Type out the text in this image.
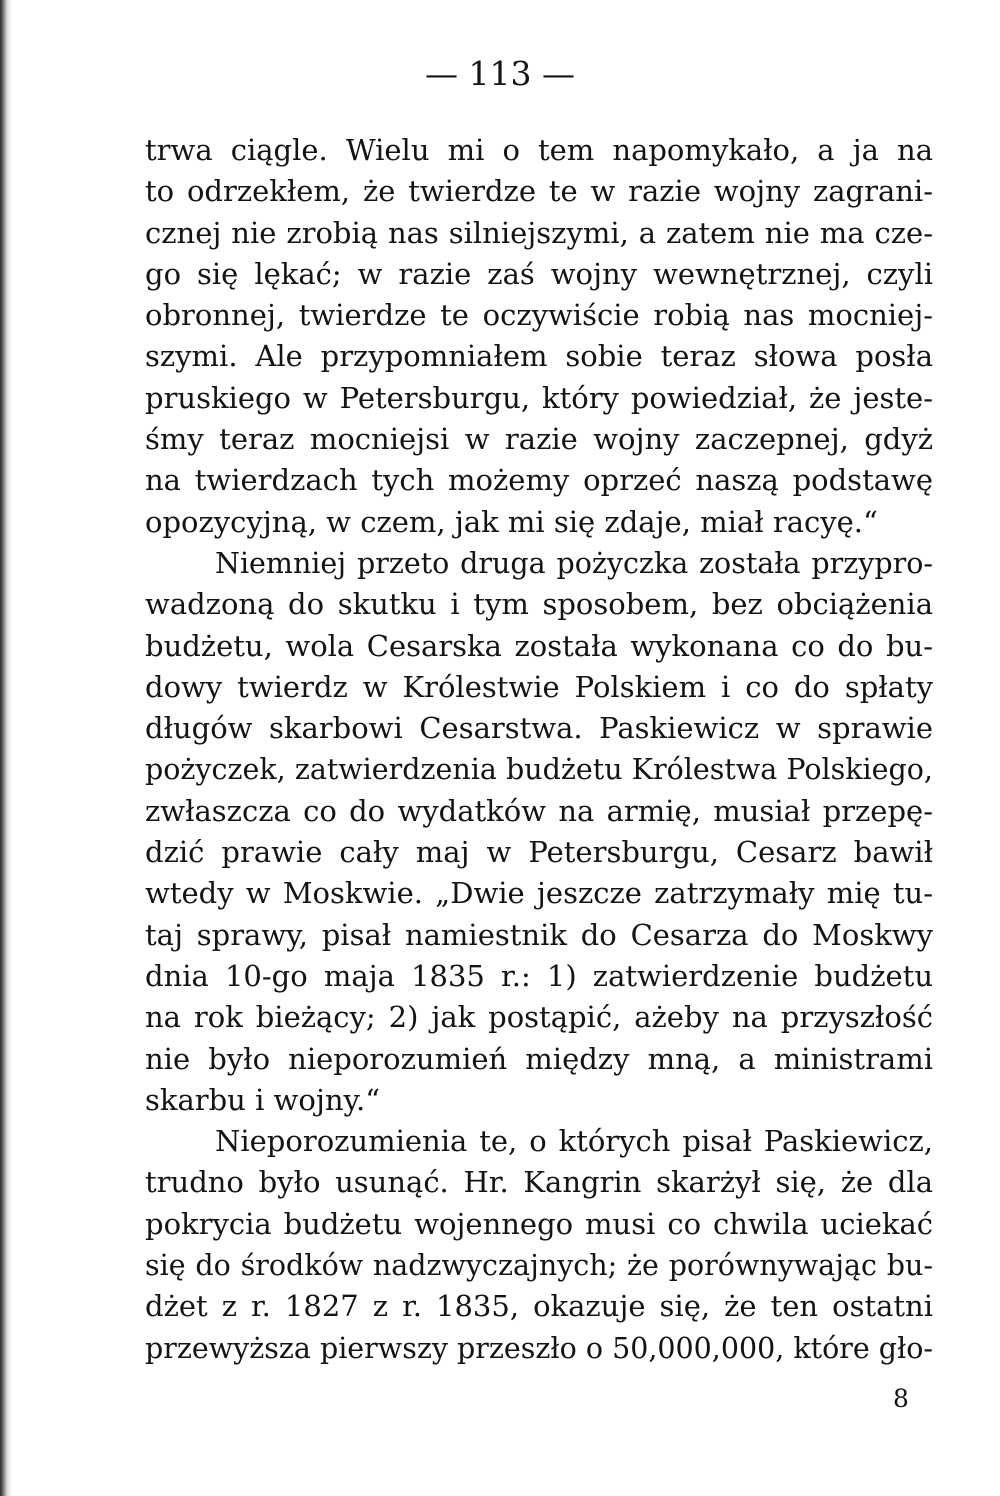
— 113 —
trwa ciągle. Wielu mi o tem napomykało, a ja na
to odrzekłem, że twierdze te w razie wojny zagrani-
cznej nie zrobią nas silniejszymi, a zatem nie ma cze-
go się lękać; w razie zaś wojny wewnętrznej, czyli
obronnej, twierdze te oczywiście robią nas mocniej-
szymi. Ale przypomniałem sobie teraz słowa posła
pruskiego w Petersburgu, który powiedział, że jeste-
śmy teraz mocniejsi w razie wojny zaczepnej, gdyż
na twierdzach tych możemy oprzeć naszą podstawę
opozycyjną, w czem, jak mi się zdaje, miał racyę.“
Niemniej przeto druga pożyczka została przypro-
wadzoną do skutku i tym sposobem, bez obciążenia
budżetu, wola Cesarska została wykonana co do bu-
dowy twierdz w Królestwie Polskiem i co do spłaty
długów skarbowi Cesarstwa. Paskiewicz w sprawie
pożyczek, zatwierdzenia budżetu Królestwa Polskiego,
zwłaszcza co do wydatków na armię, musiał przepę-
dzić prawie cały maj w Petersburgu, Cesarz bawił
wtedy w Moskwie. „Dwie jeszcze zatrzymały mię tu-
taj sprawy, pisał namiestnik do Cesarza do Moskwy
dnia 10-go maja 1835 r.: 1) zatwierdzenie budżetu
na rok bieżący; 2) jak postąpić, ażeby na przyszłość
nie było nieporozumień między mną, a ministrami
skarbu i wojny.“
Nieporozumienia te, o których pisał Paskiewicz,
trudno było usunąć. Hr. Kangrin skarżył się, że dla
pokrycia budżetu wojennego musi co chwila uciekać
się do środków nadzwyczajnych; że porównywając bu-
dżet z r. 1827 z r. 1835, okazuje się, że ten ostatni
przewyższa pierwszy przeszło o 50,000,000, które gło-
8
